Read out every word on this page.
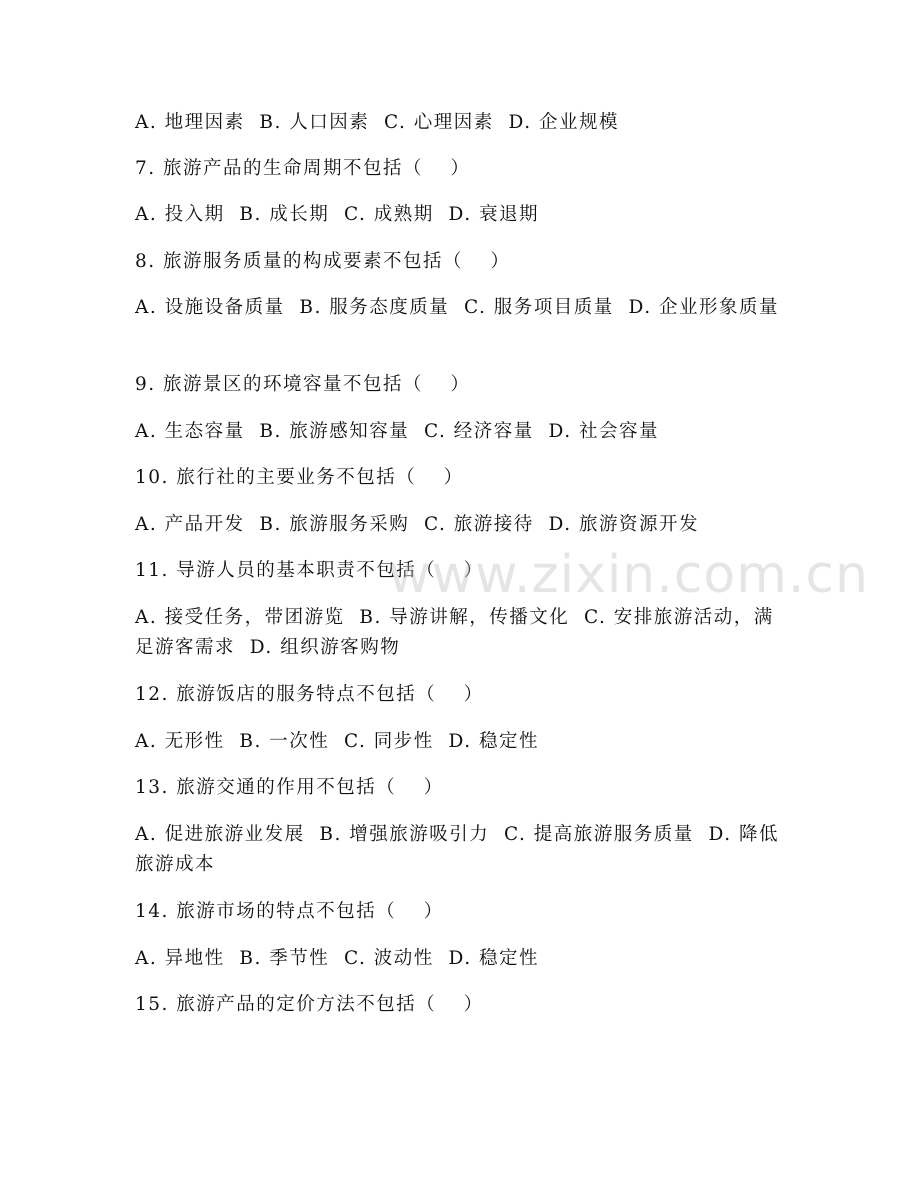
A. 地理因素  B. 人口因素  C. 心理因素  D. 企业规模

7. 旅游产品的生命周期不包括（　 ）

A. 投入期  B. 成长期  C. 成熟期  D. 衰退期

8. 旅游服务质量的构成要素不包括（　 ）

A. 设施设备质量  B. 服务态度质量  C. 服务项目质量  D. 企业形象质量

9. 旅游景区的环境容量不包括（　 ）

A. 生态容量  B. 旅游感知容量  C. 经济容量  D. 社会容量

10. 旅行社的主要业务不包括（　 ）

A. 产品开发  B. 旅游服务采购  C. 旅游接待  D. 旅游资源开发

11. 导游人员的基本职责不包括（　 ）

A. 接受任务，带团游览  B. 导游讲解，传播文化  C. 安排旅游活动，满足游客需求  D. 组织游客购物

12. 旅游饭店的服务特点不包括（　 ）

A. 无形性  B. 一次性  C. 同步性  D. 稳定性

13. 旅游交通的作用不包括（　 ）

A. 促进旅游业发展  B. 增强旅游吸引力  C. 提高旅游服务质量  D. 降低旅游成本

14. 旅游市场的特点不包括（　 ）

A. 异地性  B. 季节性  C. 波动性  D. 稳定性

15. 旅游产品的定价方法不包括（　 ）

www.zixin.com.cn
